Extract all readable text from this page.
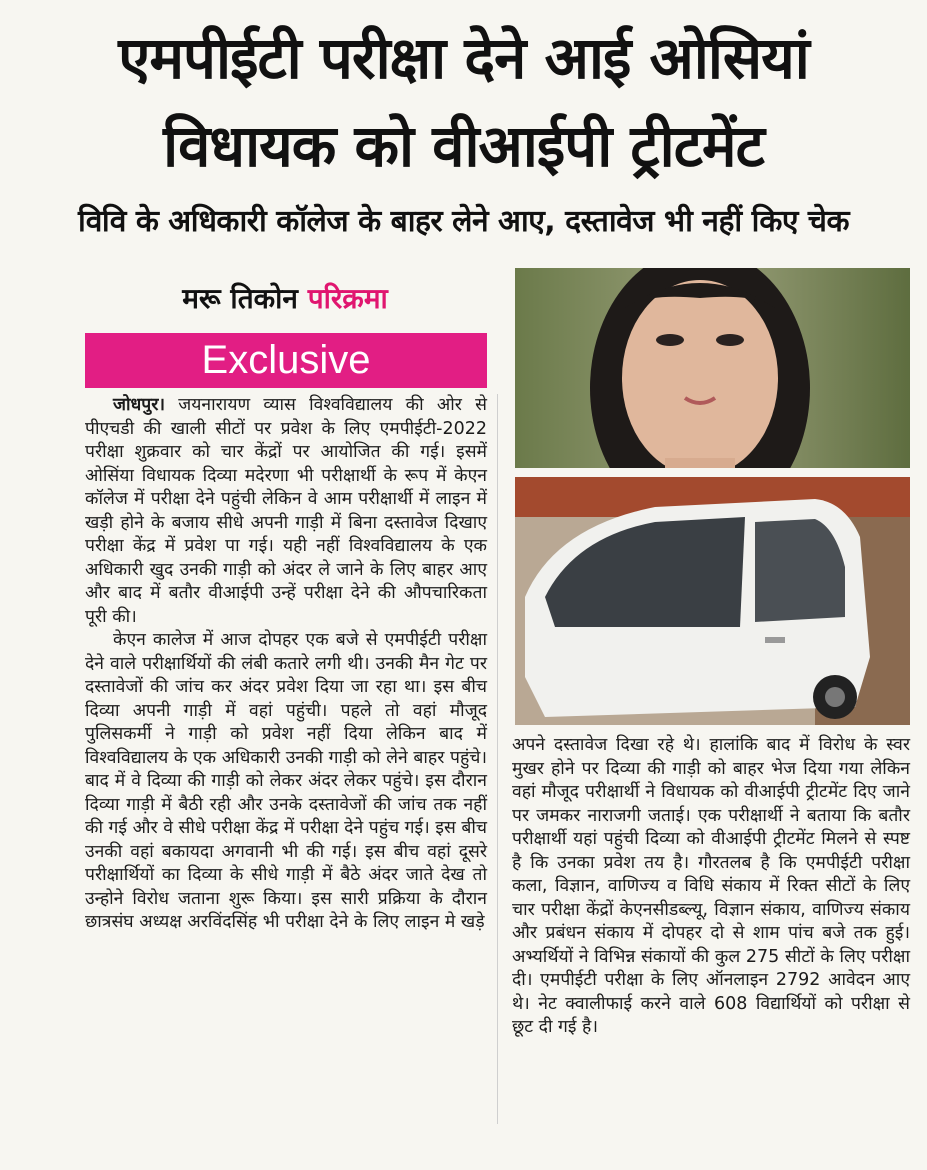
एमपीईटी परीक्षा देने आई ओसियां
विधायक को वीआईपी ट्रीटमेंट
विवि के अधिकारी कॉलेज के बाहर लेने आए, दस्तावेज भी नहीं किए चेक
मरू तिकोन परिक्रमा
Exclusive

जोधपुर। जयनारायण व्यास विश्वविद्यालय की ओर से पीएचडी की खाली सीटों पर प्रवेश के लिए एमपीईटी-2022 परीक्षा शुक्रवार को चार केंद्रों पर आयोजित की गई। इसमें ओसिंया विधायक दिव्या मदेरणा भी परीक्षार्थी के रूप में केएन कॉलेज में परीक्षा देने पहुंची लेकिन वे आम परीक्षार्थी में लाइन में खड़ी होने के बजाय सीधे अपनी गाड़ी में बिना दस्तावेज दिखाए परीक्षा केंद्र में प्रवेश पा गई। यही नहीं विश्वविद्यालय के एक अधिकारी खुद उनकी गाड़ी को अंदर ले जाने के लिए बाहर आए और बाद में बतौर वीआईपी उन्हें परीक्षा देने की औपचारिकता पूरी की।

केएन कालेज में आज दोपहर एक बजे से एमपीईटी परीक्षा देने वाले परीक्षार्थियों की लंबी कतारे लगी थी। उनकी मैन गेट पर दस्तावेजों की जांच कर अंदर प्रवेश दिया जा रहा था। इस बीच दिव्या अपनी गाड़ी में वहां पहुंची। पहले तो वहां मौजूद पुलिसकर्मी ने गाड़ी को प्रवेश नहीं दिया लेकिन बाद में विश्वविद्यालय के एक अधिकारी उनकी गाड़ी को लेने बाहर पहुंचे। बाद में वे दिव्या की गाड़ी को लेकर अंदर लेकर पहुंचे। इस दौरान दिव्या गाड़ी में बैठी रही और उनके दस्तावेजों की जांच तक नहीं की गई और वे सीधे परीक्षा केंद्र में परीक्षा देने पहुंच गई। इस बीच उनकी वहां बकायदा अगवानी भी की गई। इस बीच वहां दूसरे परीक्षार्थियों का दिव्या के सीधे गाड़ी में बैठे अंदर जाते देख तो उन्होने विरोध जताना शुरू किया। इस सारी प्रक्रिया के दौरान छात्रसंघ अध्यक्ष अरविंदसिंह भी परीक्षा देने के लिए लाइन मे खड़े

अपने दस्तावेज दिखा रहे थे। हालांकि बाद में विरोध के स्वर मुखर होने पर दिव्या की गाड़ी को बाहर भेज दिया गया लेकिन वहां मौजूद परीक्षार्थी ने विधायक को वीआईपी ट्रीटमेंट दिए जाने पर जमकर नाराजगी जताई। एक परीक्षार्थी ने बताया कि बतौर परीक्षार्थी यहां पहुंची दिव्या को वीआईपी ट्रीटमेंट मिलने से स्पष्ट है कि उनका प्रवेश तय है। गौरतलब है कि एमपीईटी परीक्षा कला, विज्ञान, वाणिज्य व विधि संकाय में रिक्त सीटों के लिए चार परीक्षा केंद्रों केएनसीडब्ल्यू, विज्ञान संकाय, वाणिज्य संकाय और प्रबंधन संकाय में दोपहर दो से शाम पांच बजे तक हुई। अभ्यर्थियों ने विभिन्न संकायों की कुल 275 सीटों के लिए परीक्षा दी। एमपीईटी परीक्षा के लिए ऑनलाइन 2792 आवेदन आए थे। नेट क्वालीफाई करने वाले 608 विद्यार्थियों को परीक्षा से छूट दी गई है।
